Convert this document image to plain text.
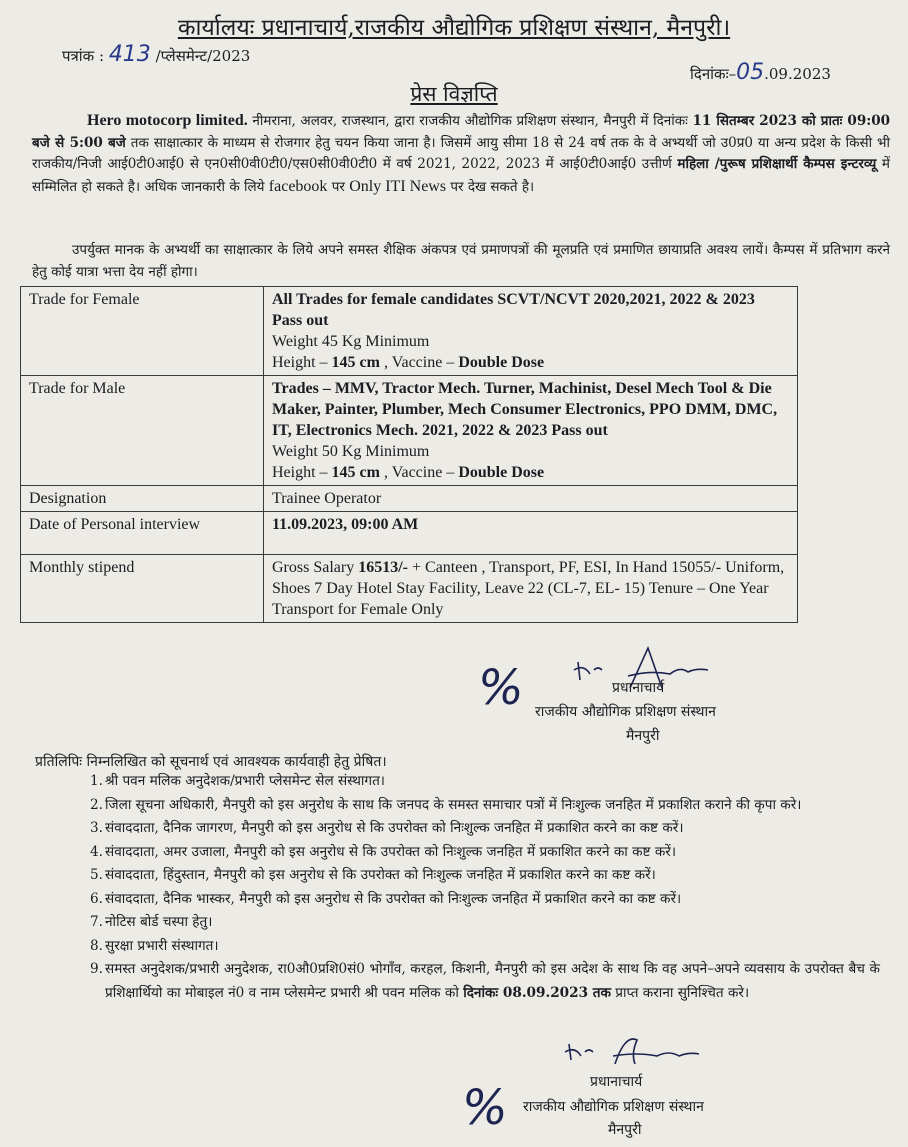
कार्यालयः प्रधानाचार्य,राजकीय औद्योगिक प्रशिक्षण संस्थान, मैनपुरी।
पत्रांक : 413 /प्लेसमेन्ट/2023
दिनांकः–05.09.2023
प्रेस विज्ञप्ति
Hero motocorp limited. नीमराना, अलवर, राजस्थान, द्वारा राजकीय औद्योगिक प्रशिक्षण संस्थान, मैनपुरी में दिनांकः 11 सितम्बर 2023 को प्रातः 09:00 बजे से 5:00 बजे तक साक्षात्कार के माध्यम से रोजगार हेतु चयन किया जाना है। जिसमें आयु सीमा 18 से 24 वर्ष तक के वे अभ्यर्थी जो उ0प्र0 या अन्य प्रदेश के किसी भी राजकीय/निजी आई0टी0आई0 से एन0सी0वी0टी0/एस0सी0वी0टी0 में वर्ष 2021, 2022, 2023 में आई0टी0आई0 उत्तीर्ण महिला /पुरूष प्रशिक्षार्थी कैम्पस इन्टरव्यू में सम्मिलित हो सकते है। अधिक जानकारी के लिये facebook पर Only ITI News पर देख सकते है।
उपर्युक्त मानक के अभ्यर्थी का साक्षात्कार के लिये अपने समस्त शैक्षिक अंकपत्र एवं प्रमाणपत्रों की मूलप्रति एवं प्रमाणित छायाप्रति अवश्य लायें। कैम्पस में प्रतिभाग करने हेतु कोई यात्रा भत्ता देय नहीं होगा।
Trade for Female	All Trades for female candidates SCVT/NCVT 2020,2021, 2022 & 2023 Pass out
Weight 45 Kg Minimum
Height – 145 cm , Vaccine – Double Dose
Trade for Male	Trades – MMV, Tractor Mech. Turner, Machinist, Desel Mech Tool & Die Maker, Painter, Plumber, Mech Consumer Electronics, PPO DMM, DMC, IT, Electronics Mech. 2021, 2022 & 2023 Pass out
Weight 50 Kg Minimum
Height – 145 cm , Vaccine – Double Dose
Designation	Trainee Operator
Date of Personal interview	11.09.2023, 09:00 AM
Monthly stipend	Gross Salary 16513/- + Canteen , Transport, PF, ESI, In Hand 15055/- Uniform, Shoes 7 Day Hotel Stay Facility, Leave 22 (CL-7, EL- 15) Tenure – One Year Transport for Female Only
%	प्रधानाचार्य
राजकीय औद्योगिक प्रशिक्षण संस्थान
मैनपुरी
प्रतिलिपिः निम्नलिखित को सूचनार्थ एवं आवश्यक कार्यवाही हेतु प्रेषित।
1. श्री पवन मलिक अनुदेशक/प्रभारी प्लेसमेन्ट सेल संस्थागत।
2. जिला सूचना अधिकारी, मैनपुरी को इस अनुरोध के साथ कि जनपद के समस्त समाचार पत्रों में निःशुल्क जनहित में प्रकाशित कराने की कृपा करे।
3. संवाददाता, दैनिक जागरण, मैनपुरी को इस अनुरोध से कि उपरोक्त को निःशुल्क जनहित में प्रकाशित करने का कष्ट करें।
4. संवाददाता, अमर उजाला, मैनपुरी को इस अनुरोध से कि उपरोक्त को निःशुल्क जनहित में प्रकाशित करने का कष्ट करें।
5. संवाददाता, हिंदुस्तान, मैनपुरी को इस अनुरोध से कि उपरोक्त को निःशुल्क जनहित में प्रकाशित करने का कष्ट करें।
6. संवाददाता, दैनिक भास्कर, मैनपुरी को इस अनुरोध से कि उपरोक्त को निःशुल्क जनहित में प्रकाशित करने का कष्ट करें।
7. नोटिस बोर्ड चस्पा हेतु।
8. सुरक्षा प्रभारी संस्थागत।
9. समस्त अनुदेशक/प्रभारी अनुदेशक, रा0औ0प्रशि0सं0 भोगाँव, करहल, किशनी, मैनपुरी को इस अदेश के साथ कि वह अपने–अपने व्यवसाय के उपरोक्त बैच के प्रशिक्षार्थियो का मोबाइल नं0 व नाम प्लेसमेन्ट प्रभारी श्री पवन मलिक को दिनांकः 08.09.2023 तक प्राप्त कराना सुनिश्चित करे।
%	प्रधानाचार्य
राजकीय औद्योगिक प्रशिक्षण संस्थान
मैनपुरी
